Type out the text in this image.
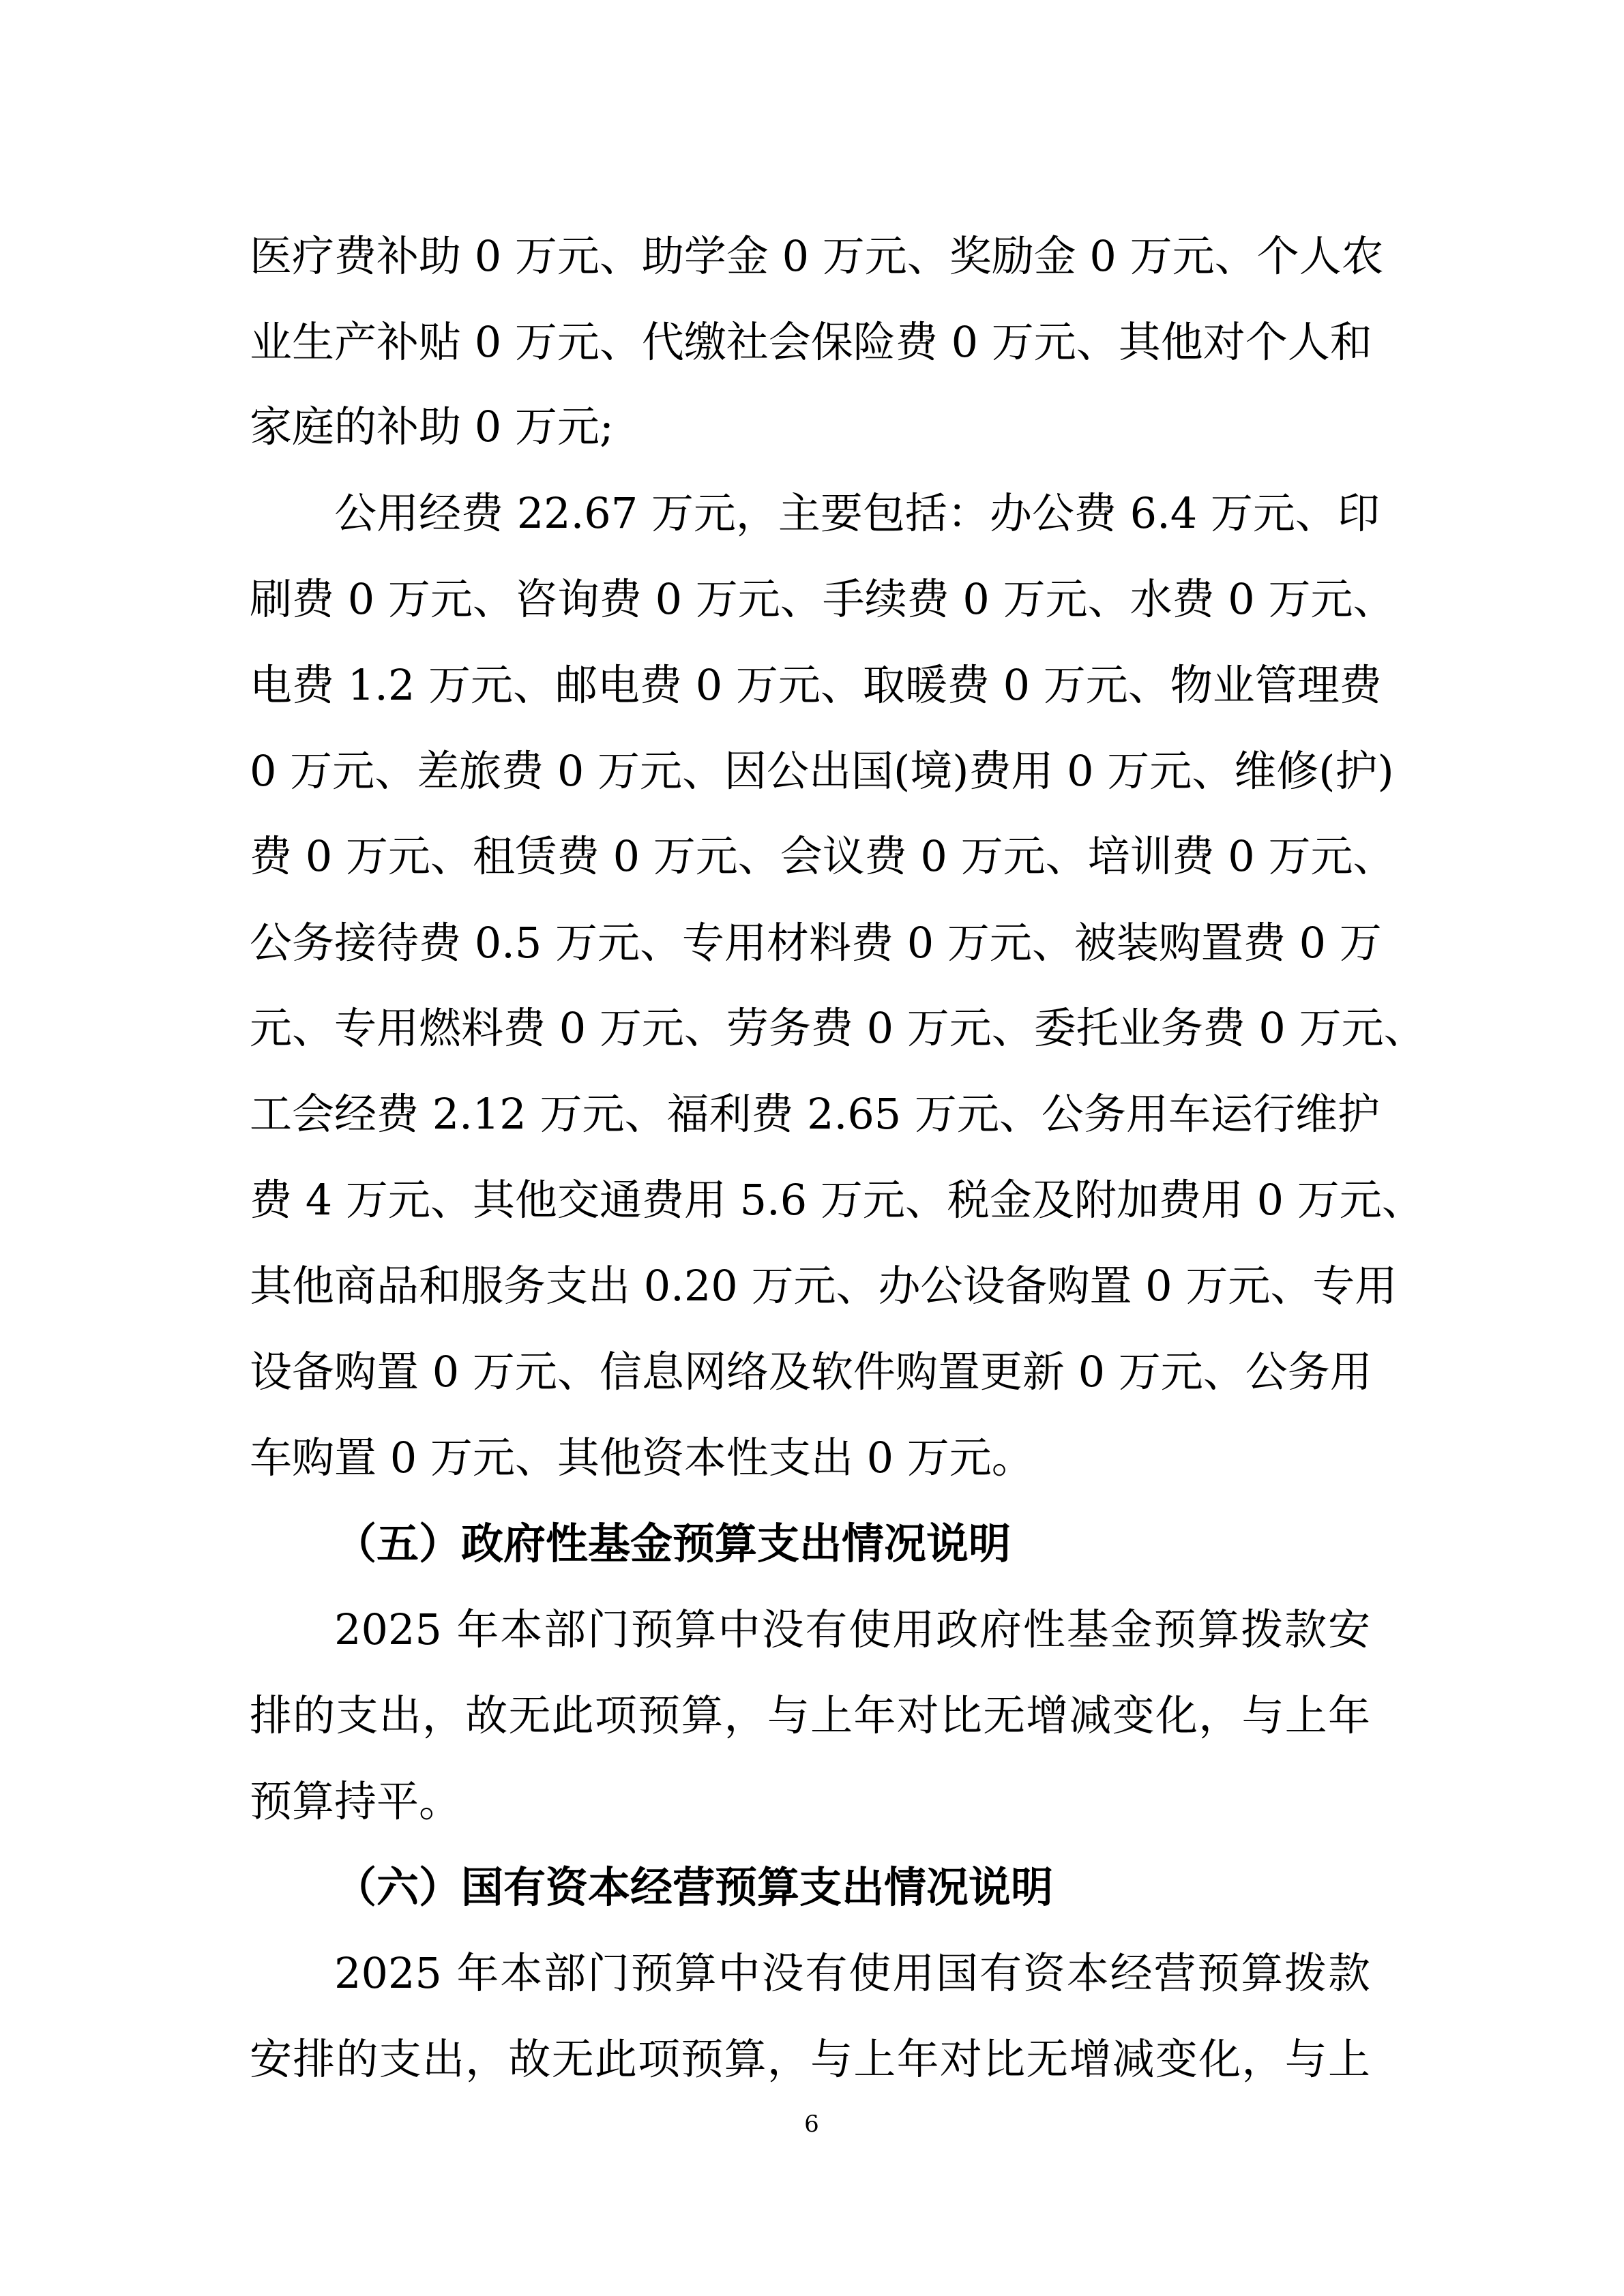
医疗费补助 0 万元、助学金 0 万元、奖励金 0 万元、个人农

业生产补贴 0 万元、代缴社会保险费 0 万元、其他对个人和

家庭的补助 0 万元;

公用经费 22.67 万元，主要包括：办公费 6.4 万元、印

刷费 0 万元、咨询费 0 万元、手续费 0 万元、水费 0 万元、

电费 1.2 万元、邮电费 0 万元、取暖费 0 万元、物业管理费

0 万元、差旅费 0 万元、因公出国(境)费用 0 万元、维修(护)

费 0 万元、租赁费 0 万元、会议费 0 万元、培训费 0 万元、

公务接待费 0.5 万元、专用材料费 0 万元、被装购置费 0 万

元、专用燃料费 0 万元、劳务费 0 万元、委托业务费 0 万元、

工会经费 2.12 万元、福利费 2.65 万元、公务用车运行维护

费 4 万元、其他交通费用 5.6 万元、税金及附加费用 0 万元、

其他商品和服务支出 0.20 万元、办公设备购置 0 万元、专用

设备购置 0 万元、信息网络及软件购置更新 0 万元、公务用

车购置 0 万元、其他资本性支出 0 万元。

（五）政府性基金预算支出情况说明

2025 年本部门预算中没有使用政府性基金预算拨款安

排的支出，故无此项预算，与上年对比无增减变化，与上年

预算持平。

（六）国有资本经营预算支出情况说明

2025 年本部门预算中没有使用国有资本经营预算拨款

安排的支出，故无此项预算，与上年对比无增减变化，与上

6
